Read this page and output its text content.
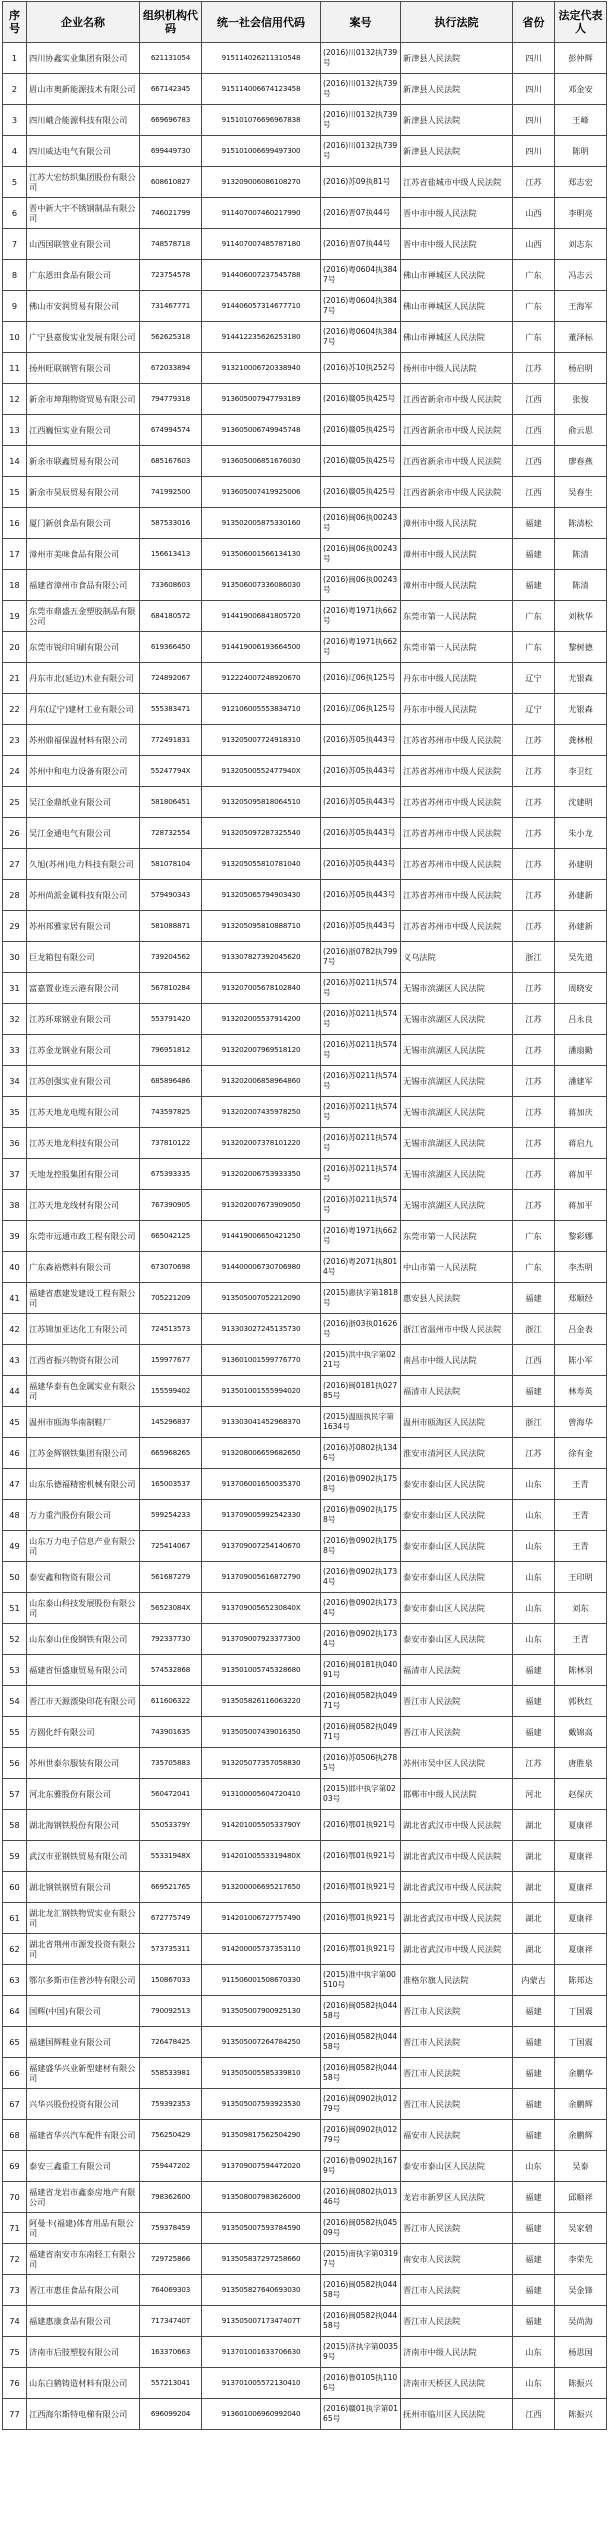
序号	企业名称	组织机构代码	统一社会信用代码	案号	执行法院	省份	法定代表人
1	四川协鑫实业集团有限公司	621131054	915114026211310548	(2016)川0132执739号	新津县人民法院	四川	彭仲辉
2	眉山市奥新能源技术有限公司	667142345	915114006674123458	(2016)川0132执739号	新津县人民法院	四川	邓金安
3	四川峨合能源科技有限公司	669696783	915101076696967838	(2016)川0132执739号	新津县人民法院	四川	王峰
4	四川威达电气有限公司	699449730	915101006699497300	(2016)川0132执739号	新津县人民法院	四川	陈明
5	江苏大宏纺织集团股份有限公司	608610827	913209006086108270	(2016)苏09执81号	江苏省盐城市中级人民法院	江苏	郑志宏
6	晋中新大宇不锈钢制品有限公司	746021799	911407007460217990	(2016)晋07执44号	晋中市中级人民法院	山西	李明亮
7	山西国联管业有限公司	748578718	911407007485787180	(2016)晋07执44号	晋中市中级人民法院	山西	刘志东
8	广东恩田食品有限公司	723754578	914406007237545788	(2016)粤0604执3847号	佛山市禅城区人民法院	广东	冯志云
9	佛山市安润贸易有限公司	731467771	914406057314677710	(2016)粤0604执3847号	佛山市禅城区人民法院	广东	王海军
10	广宁县嘉俊实业发展有限公司	562625318	914412235626253180	(2016)粤0604执3847号	佛山市禅城区人民法院	广东	董泽标
11	扬州旺联钢管有限公司	672033894	913210006720338940	(2016)苏10执252号	扬州市中级人民法院	江苏	杨启明
12	新余市坤翔物资贸易有限公司	794779318	913605007947793189	(2016)赣05执425号	江西省新余市中级人民法院	江西	张俊
13	江西巍恒实业有限公司	674994574	913605006749945748	(2016)赣05执425号	江西省新余市中级人民法院	江西	俞云思
14	新余市联鑫贸易有限公司	685167603	913605006851676030	(2016)赣05执425号	江西省新余市中级人民法院	江西	廖春燕
15	新余市昊辰贸易有限公司	741992500	913605007419925006	(2016)赣05执425号	江西省新余市中级人民法院	江西	吴春生
16	厦门新创食品有限公司	587533016	913502005875330160	(2016)闽06执00243号	漳州市中级人民法院	福建	陈清松
17	漳州市美味食品有限公司	156613413	913506001566134130	(2016)闽06执00243号	漳州市中级人民法院	福建	陈清
18	福建省漳州市食品有限公司	733608603	913506007336086030	(2016)闽06执00243号	漳州市中级人民法院	福建	陈清
19	东莞市鼎盛五金塑胶制品有限公司	684180572	914419006841805720	(2016)粤1971执662号	东莞市第一人民法院	广东	刘秋华
20	东莞市锐印印刷有限公司	619366450	914419006193664500	(2016)粤1971执662号	东莞市第一人民法院	广东	黎树德
21	丹东市北(延边)木业有限公司	724892067	912224007248920670	(2016)辽06执125号	丹东市中级人民法院	辽宁	尤银森
22	丹东(辽宁)建材工业有限公司	555383471	912106005553834710	(2016)辽06执125号	丹东市中级人民法院	辽宁	尤银森
23	苏州鼎福保温材料有限公司	772491831	913205007724918310	(2016)苏05执443号	江苏省苏州市中级人民法院	江苏	龚林根
24	苏州中和电力设备有限公司	55247794X	91320500552477940X	(2016)苏05执443号	江苏省苏州市中级人民法院	江苏	李卫红
25	吴江金鼎纸业有限公司	581806451	913205095818064510	(2016)苏05执443号	江苏省苏州市中级人民法院	江苏	沈建明
26	吴江金通电气有限公司	728732554	913205097287325540	(2016)苏05执443号	江苏省苏州市中级人民法院	江苏	朱小龙
27	久旭(苏州)电力科技有限公司	581078104	913205055810781040	(2016)苏05执443号	江苏省苏州市中级人民法院	江苏	孙建明
28	苏州尚派金属科技有限公司	579490343	913205065794903430	(2016)苏05执443号	江苏省苏州市中级人民法院	江苏	孙建新
29	苏州邦雅家居有限公司	581088871	913205095810888710	(2016)苏05执443号	江苏省苏州市中级人民法院	江苏	孙建新
30	巨龙箱包有限公司	739204562	913307827392045620	(2016)浙0782执7997号	义乌法院	浙江	吴先道
31	富嘉置业连云港有限公司	567810284	913207005678102840	(2016)苏0211执574号	无锡市滨湖区人民法院	江苏	周晓安
32	江苏环球钢业有限公司	553791420	913202005537914200	(2016)苏0211执574号	无锡市滨湖区人民法院	江苏	吕永良
33	江苏金龙钢业有限公司	796951812	913202007969518120	(2016)苏0211执574号	无锡市滨湖区人民法院	江苏	潘扇勤
34	江苏创强实业有限公司	685896486	913202006858964860	(2016)苏0211执574号	无锡市滨湖区人民法院	江苏	潘建军
35	江苏天地龙电缆有限公司	743597825	913202007435978250	(2016)苏0211执574号	无锡市滨湖区人民法院	江苏	蒋加庆
36	江苏天地龙科技有限公司	737810122	913202007378101220	(2016)苏0211执574号	无锡市滨湖区人民法院	江苏	蒋启九
37	天地龙控股集团有限公司	675393335	913202006753933350	(2016)苏0211执574号	无锡市滨湖区人民法院	江苏	蒋加平
38	江苏天地龙线材有限公司	767390905	913202007673909050	(2016)苏0211执574号	无锡市滨湖区人民法院	江苏	蒋加平
39	东莞市远通市政工程有限公司	665042125	914419006650421250	(2016)粤1971执662号	东莞市第一人民法院	广东	黎彩娜
40	广东森裕燃料有限公司	673070698	914400006730706980	(2016)粤2071执8014号	中山市第一人民法院	广东	李杰明
41	福建省惠建发建设工程有限公司	705221209	913505007052212090	(2015)惠执字第1818号	惠安县人民法院	福建	郑顺经
42	江苏锦加亚达化工有限公司	724513573	913303027245135730	(2016)浙03执01626号	浙江省温州市中级人民法院	浙江	吕金表
43	江西省振兴物资有限公司	159977677	913601001599776770	(2015)洪中执字第0221号	南昌市中级人民法院	江西	陈小军
44	福建华泰有色金属实业有限公司	155599402	913501001555994020	(2016)闽0181执02785号	福清市人民法院	福建	林寿英
45	温州市瓯海华南制鞋厂	145296837	913303041452968370	(2015)温瓯执民字第1634号	温州市瓯海区人民法院	浙江	曾海华
46	江苏金辉钢铁集团有限公司	665968265	913208006659682650	(2016)苏0802执1346号	淮安市清河区人民法院	江苏	徐有金
47	山东乐德福精密机械有限公司	165003537	913706001650035370	(2016)鲁0902执1758号	泰安市泰山区人民法院	山东	王青
48	万力重汽股份有限公司	599254233	913709005992542330	(2016)鲁0902执1758号	泰安市泰山区人民法院	山东	王青
49	山东万力电子信息产业有限公司	725414067	913709007254140670	(2016)鲁0902执1758号	泰安市泰山区人民法院	山东	王青
50	泰安鑫和物资有限公司	561687279	913709005616872790	(2016)鲁0902执1734号	泰安市泰山区人民法院	山东	王印明
51	山东泰山科技发展股份有限公司	56523084X	91370900565230840X	(2016)鲁0902执1734号	泰安市泰山区人民法院	山东	刘东
52	山东泰山住俊钢铁有限公司	792337730	913709007923377300	(2016)鲁0902执1734号	泰安市泰山区人民法院	山东	王青
53	福建省恒盛康贸易有限公司	574532868	913501005745328680	(2016)闽0181执04091号	福清市人民法院	福建	陈林羽
54	晋江市天源漂染印花有限公司	611606322	913505826116063220	(2016)闽0582执04971号	晋江市人民法院	福建	郭秋红
55	方圆化纤有限公司	743901635	913505007439016350	(2016)闽0582执04971号	晋江市人民法院	福建	戴锦高
56	苏州世泰尔服装有限公司	735705883	913205077357058830	(2016)苏0506执2785号	苏州市吴中区人民法院	江苏	唐胜泉
57	河北东雅股份有限公司	560472041	913100005604720410	(2015)邯中执字第0203号	邯郸市中级人民法院	河北	赵保庆
58	湖北海钢铁股份有限公司	55053379Y	91420100550533790Y	(2016)鄂01执921号	湖北省武汉市中级人民法院	湖北	夏康祥
59	武汉市亚钢铁贸易有限公司	55331948X	91420100553319480X	(2016)鄂01执921号	湖北省武汉市中级人民法院	湖北	夏康祥
60	湖北钢铁钢贸有限公司	669521765	913200006695217650	(2016)鄂01执921号	湖北省武汉市中级人民法院	湖北	夏康祥
61	湖北龙汇钢铁物贸实业有限公司	672775749	914201006727757490	(2016)鄂01执921号	湖北省武汉市中级人民法院	湖北	夏康祥
62	湖北省荆州市源发投资有限公司	573735311	914200005737353110	(2016)鄂01执921号	湖北省武汉市中级人民法院	湖北	夏康祥
63	鄂尔多斯市佳普沙特有限公司	150867033	911506001508670330	(2015)准中执字第00510号	准格尔旗人民法院	内蒙古	陈邦达
64	国辉(中国)有限公司	790092513	913505007900925130	(2016)闽0582执04458号	晋江市人民法院	福建	丁国震
65	福建国辉鞋业有限公司	726478425	913505007264784250	(2016)闽0582执04458号	晋江市人民法院	福建	丁国震
66	福建盛华兴业新型建材有限公司	558533981	913505005585339810	(2016)闽0582执04458号	晋江市人民法院	福建	余鹏华
67	兴华兴股份投资有限公司	759392353	913505007593923530	(2016)闽0902执01279号	晋江市人民法院	福建	余鹏辉
68	福建省华兴汽车配件有限公司	756250429	913509817562504290	(2016)闽0902执01279号	福安市人民法院	福建	余鹏辉
69	泰安三鑫重工有限公司	759447202	913709007594472020	(2016)鲁0902执1679号	泰安市泰山区人民法院	山东	吴泰
70	福建省龙岩市鑫泰房地产有限公司	798362600	913508007983626000	(2016)闽0802执01346号	龙岩市新罗区人民法院	福建	邱顺祥
71	阿曼卡(福建)体育用品有限公司	759378459	913505007593784590	(2016)闽0582执04509号	晋江市人民法院	福建	吴家碧
72	福建省南安市东南轻工有限公司	729725866	913505837297258660	(2015)南执字第03197号	南安市人民法院	福建	李荣先
73	晋江市惠佳食品有限公司	764069303	913505827640693030	(2016)闽0582执04458号	晋江市人民法院	福建	吴金锋
74	福建惠康食品有限公司	71734740T	91350500717347407T	(2016)闽0582执04458号	晋江市人民法院	福建	吴尚海
75	济南市后肢塑胶有限公司	163370663	913701001633706630	(2015)济执字第00359号	济南市中级人民法院	山东	杨思国
76	山东白鹤铸造材料有限公司	557213041	913701005572130410	(2016)鲁0105执1106号	济南市天桥区人民法院	山东	陈振兴
77	江西海尔斯特电梯有限公司	696099204	913601006960992040	(2016)赣01执字第0165号	抚州市临川区人民法院	江西	陈振兴
